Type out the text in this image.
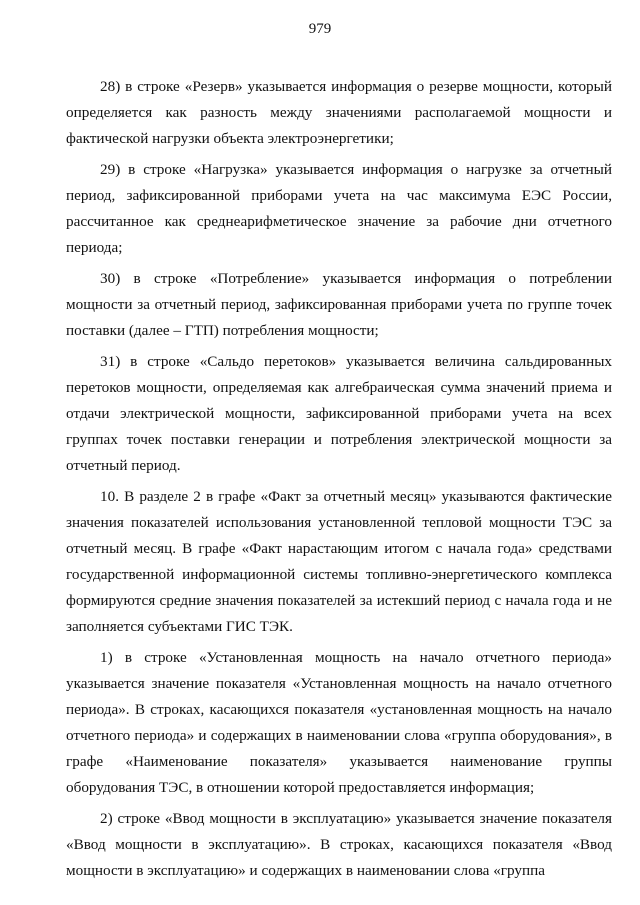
979

28) в строке «Резерв» указывается информация о резерве мощности, который определяется как разность между значениями располагаемой мощности и фактической нагрузки объекта электроэнергетики;

29) в строке «Нагрузка» указывается информация о нагрузке за отчетный период, зафиксированной приборами учета на час максимума ЕЭС России, рассчитанное как среднеарифметическое значение за рабочие дни отчетного периода;

30) в строке «Потребление» указывается информация о потреблении мощности за отчетный период, зафиксированная приборами учета по группе точек поставки (далее – ГТП) потребления мощности;

31) в строке «Сальдо перетоков» указывается величина сальдированных перетоков мощности, определяемая как алгебраическая сумма значений приема и отдачи электрической мощности, зафиксированной приборами учета на всех группах точек поставки генерации и потребления электрической мощности за отчетный период.

10. В разделе 2 в графе «Факт за отчетный месяц» указываются фактические значения показателей использования установленной тепловой мощности ТЭС за отчетный месяц. В графе «Факт нарастающим итогом с начала года» средствами государственной информационной системы топливно-энергетического комплекса формируются средние значения показателей за истекший период с начала года и не заполняется субъектами ГИС ТЭК.

1) в строке «Установленная мощность на начало отчетного периода» указывается значение показателя «Установленная мощность на начало отчетного периода». В строках, касающихся показателя «установленная мощность на начало отчетного периода» и содержащих в наименовании слова «группа оборудования», в графе «Наименование показателя» указывается наименование группы оборудования ТЭС, в отношении которой предоставляется информация;

2) строке «Ввод мощности в эксплуатацию» указывается значение показателя «Ввод мощности в эксплуатацию». В строках, касающихся показателя «Ввод мощности в эксплуатацию» и содержащих в наименовании слова «группа
